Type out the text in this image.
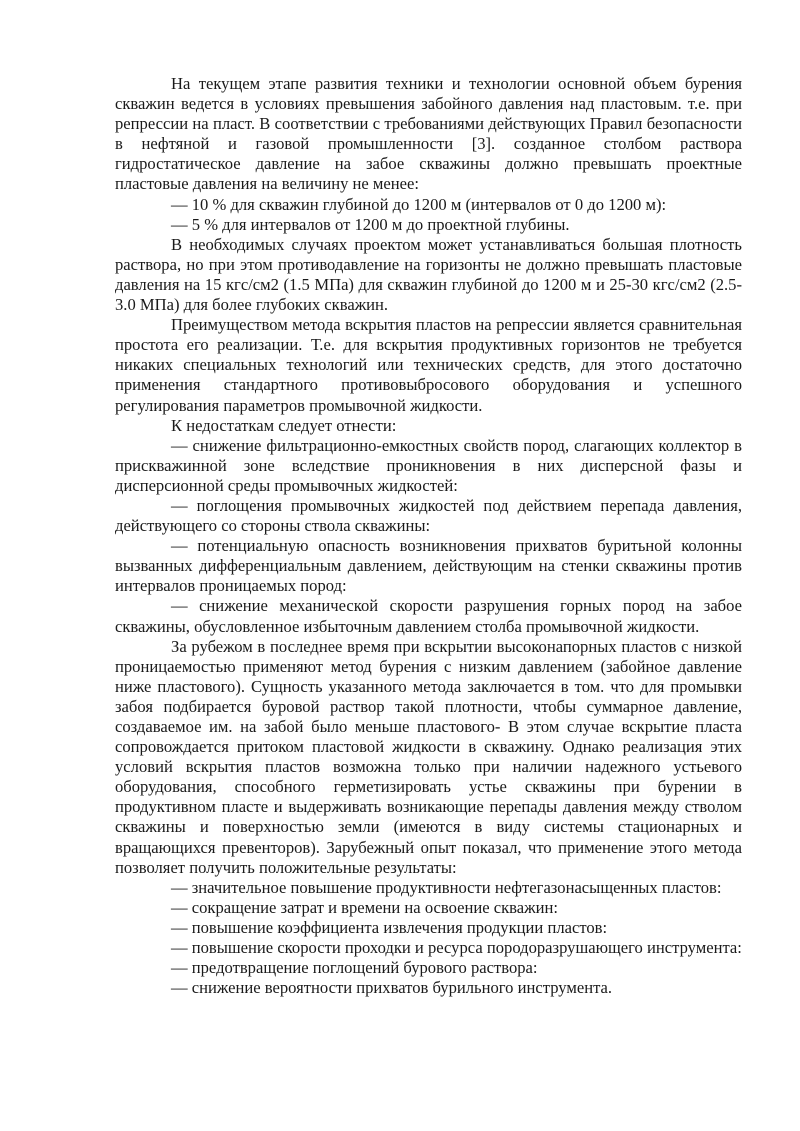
На текущем этапе развития техники и технологии основной объем бурения скважин ведется в условиях превышения забойного давления над пластовым. т.е. при репрессии на пласт. В соответствии с требованиями действующих Правил безопасности в нефтяной и газовой промышленности [3]. созданное столбом раствора гидростатическое давление на забое скважины должно превышать проектные пластовые давления на величину не менее:

— 10 % для скважин глубиной до 1200 м (интервалов от 0 до 1200 м):

— 5 % для интервалов от 1200 м до проектной глубины.

В необходимых случаях проектом может устанавливаться большая плотность раствора, но при этом противодавление на горизонты не должно превышать пластовые давления на 15 кгс/см2 (1.5 МПа) для скважин глубиной до 1200 м и 25-30 кгс/см2 (2.5-3.0 МПа) для более глубоких скважин.

Преимуществом метода вскрытия пластов на репрессии является сравнительная простота его реализации. Т.е. для вскрытия продуктивных горизонтов не требуется никаких специальных технологий или технических средств, для этого достаточно применения стандартного противовыбросового оборудования и успешного регулирования параметров промывочной жидкости.

К недостаткам следует отнести:

— снижение фильтрационно-емкостных свойств пород, слагающих коллектор в прискважинной зоне вследствие проникновения в них дисперсной фазы и дисперсионной среды промывочных жидкостей:

— поглощения промывочных жидкостей под действием перепада давления, действующего со стороны ствола скважины:

— потенциальную опасность возникновения прихватов буритьной колонны вызванных дифференциальным давлением, действующим на стенки скважины против интервалов проницаемых пород:

— снижение механической скорости разрушения горных пород на забое скважины, обусловленное избыточным давлением столба промывочной жидкости.

За рубежом в последнее время при вскрытии высоконапорных пластов с низкой проницаемостью применяют метод бурения с низким давлением (забойное давление ниже пластового). Сущность указанного метода заключается в том. что для промывки забоя подбирается буровой раствор такой плотности, чтобы суммарное давление, создаваемое им. на забой было меньше пластового- В этом случае вскрытие пласта сопровождается притоком пластовой жидкости в скважину. Однако реализация этих условий вскрытия пластов возможна только при наличии надежного устьевого оборудования, способного герметизировать устье скважины при бурении в продуктивном пласте и выдерживать возникающие перепады давления между стволом скважины и поверхностью земли (имеются в виду системы стационарных и вращающихся превенторов). Зарубежный опыт показал, что применение этого метода позволяет получить положительные результаты:

— значительное повышение продуктивности нефтегазонасыщенных пластов:

— сокращение затрат и времени на освоение скважин:

— повышение коэффициента извлечения продукции пластов:

— повышение скорости проходки и ресурса породоразрушающего инструмента:

— предотвращение поглощений бурового раствора:

— снижение вероятности прихватов бурильного инструмента.
